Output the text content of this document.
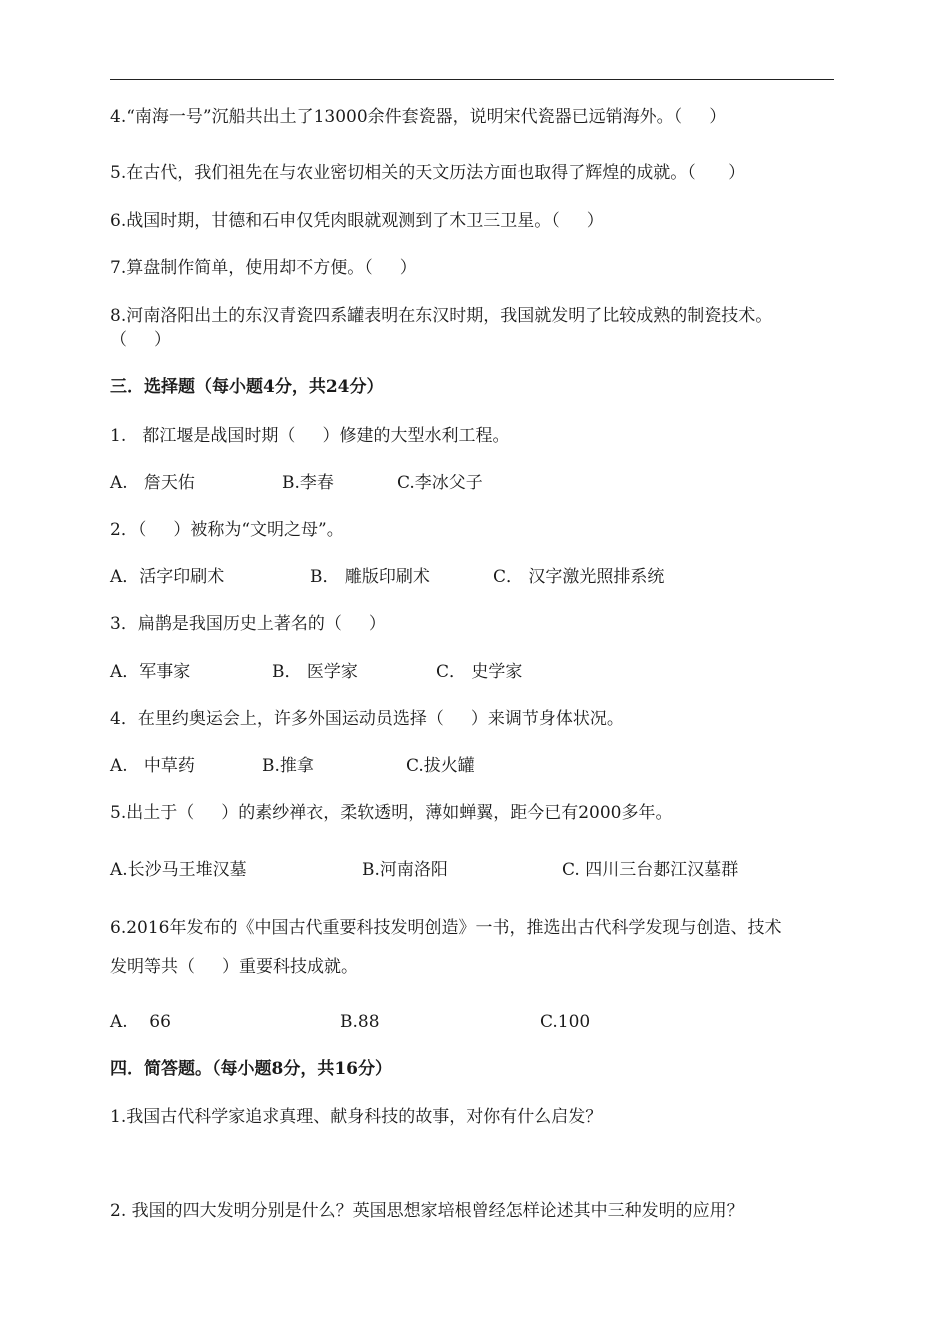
4.“南海一号”沉船共出土了13000余件套瓷器，说明宋代瓷器已远销海外。（     ）
5.在古代，我们祖先在与农业密切相关的天文历法方面也取得了辉煌的成就。（      ）
6.战国时期，甘德和石申仅凭肉眼就观测到了木卫三卫星。（     ）
7.算盘制作简单，使用却不方便。（     ）
8.河南洛阳出土的东汉青瓷四系罐表明在东汉时期，我国就发明了比较成熟的制瓷技术。
（     ）
三．选择题（每小题4分，共24分）
1.   都江堰是战国时期（     ）修建的大型水利工程。
A.   詹天佑	B.李春	C.李冰父子
2．（     ）被称为“文明之母”。
A．活字印刷术	B． 雕版印刷术	C． 汉字激光照排系统
3．扁鹊是我国历史上著名的（     ）
A．军事家	B． 医学家	C． 史学家
4．在里约奥运会上，许多外国运动员选择（     ）来调节身体状况。
A.   中草药	B.推拿	C.拔火罐
5.出土于（     ）的素纱禅衣，柔软透明，薄如蝉翼，距今已有2000多年。
A.长沙马王堆汉墓	B.河南洛阳	C. 四川三台郪江汉墓群
6.2016年发布的《中国古代重要科技发明创造》一书，推选出古代科学发现与创造、技术
发明等共（     ）重要科技成就。
A.    66	B.88	C.100
四．简答题。（每小题8分，共16分）
1.我国古代科学家追求真理、献身科技的故事，对你有什么启发？
2. 我国的四大发明分别是什么？英国思想家培根曾经怎样论述其中三种发明的应用？
